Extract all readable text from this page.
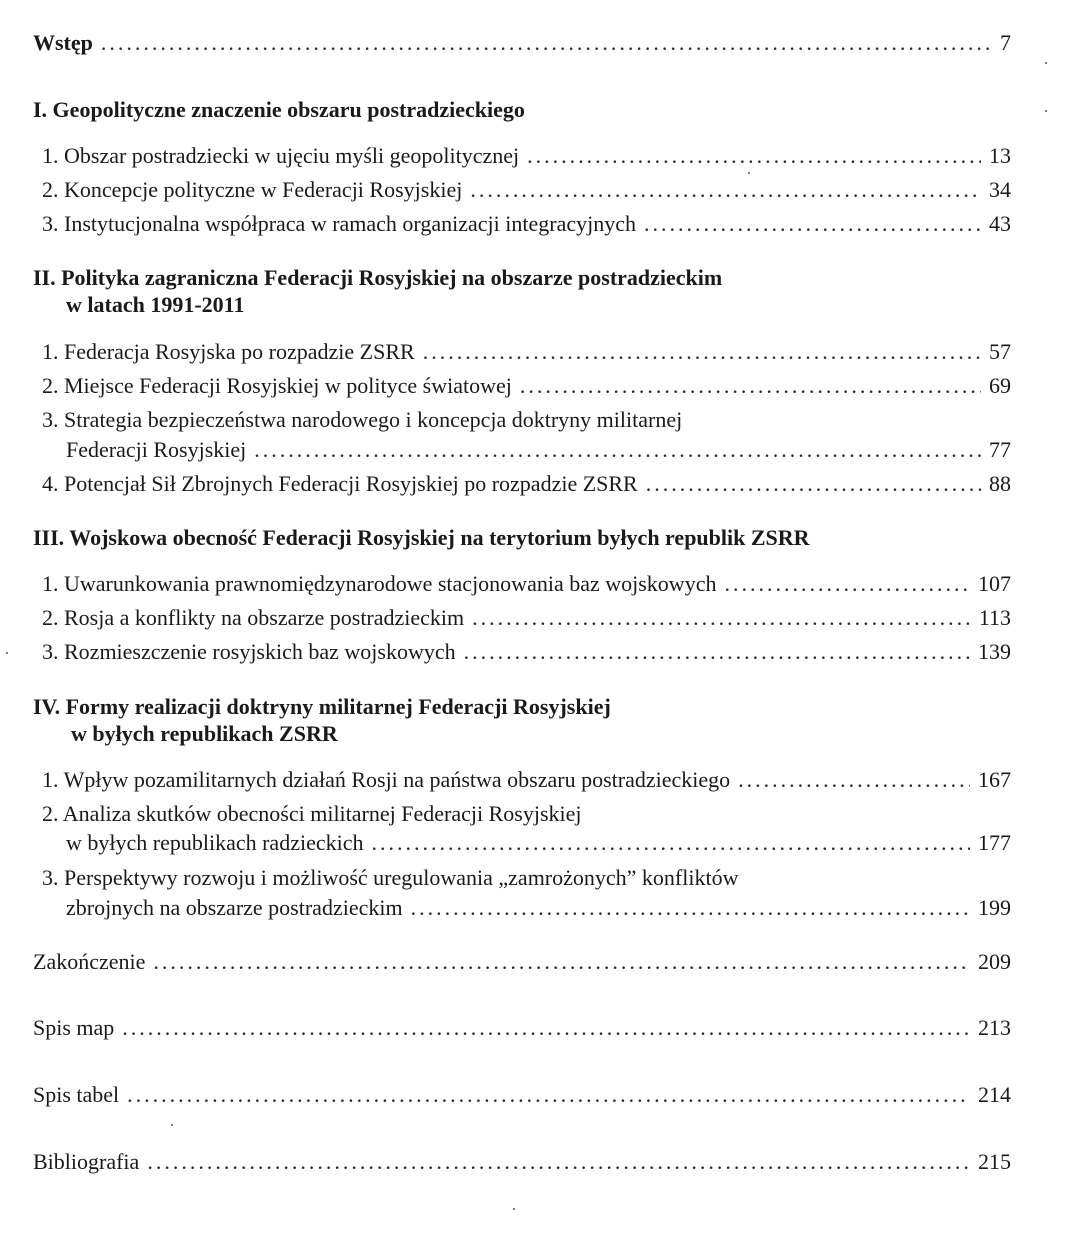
Wstęp .....	7
I. Geopolityczne znaczenie obszaru postradzieckiego
1. Obszar postradziecki w ujęciu myśli geopolitycznej .....	13
2. Koncepcje polityczne w Federacji Rosyjskiej .....	34
3. Instytucjonalna współpraca w ramach organizacji integracyjnych .....	43
II. Polityka zagraniczna Federacji Rosyjskiej na obszarze postradzieckim
w latach 1991-2011
1. Federacja Rosyjska po rozpadzie ZSRR .....	57
2. Miejsce Federacji Rosyjskiej w polityce światowej .....	69
3. Strategia bezpieczeństwa narodowego i koncepcja doktryny militarnej
Federacji Rosyjskiej .....	77
4. Potencjał Sił Zbrojnych Federacji Rosyjskiej po rozpadzie ZSRR .....	88
III. Wojskowa obecność Federacji Rosyjskiej na terytorium byłych republik ZSRR
1. Uwarunkowania prawnomiędzynarodowe stacjonowania baz wojskowych .....	107
2. Rosja a konflikty na obszarze postradzieckim .....	113
3. Rozmieszczenie rosyjskich baz wojskowych .....	139
IV. Formy realizacji doktryny militarnej Federacji Rosyjskiej
w byłych republikach ZSRR
1. Wpływ pozamilitarnych działań Rosji na państwa obszaru postradzieckiego .....	167
2. Analiza skutków obecności militarnej Federacji Rosyjskiej
w byłych republikach radzieckich .....	177
3. Perspektywy rozwoju i możliwość uregulowania „zamrożonych” konfliktów
zbrojnych na obszarze postradzieckim .....	199
Zakończenie .....	209
Spis map .....	213
Spis tabel .....	214
Bibliografia .....	215
